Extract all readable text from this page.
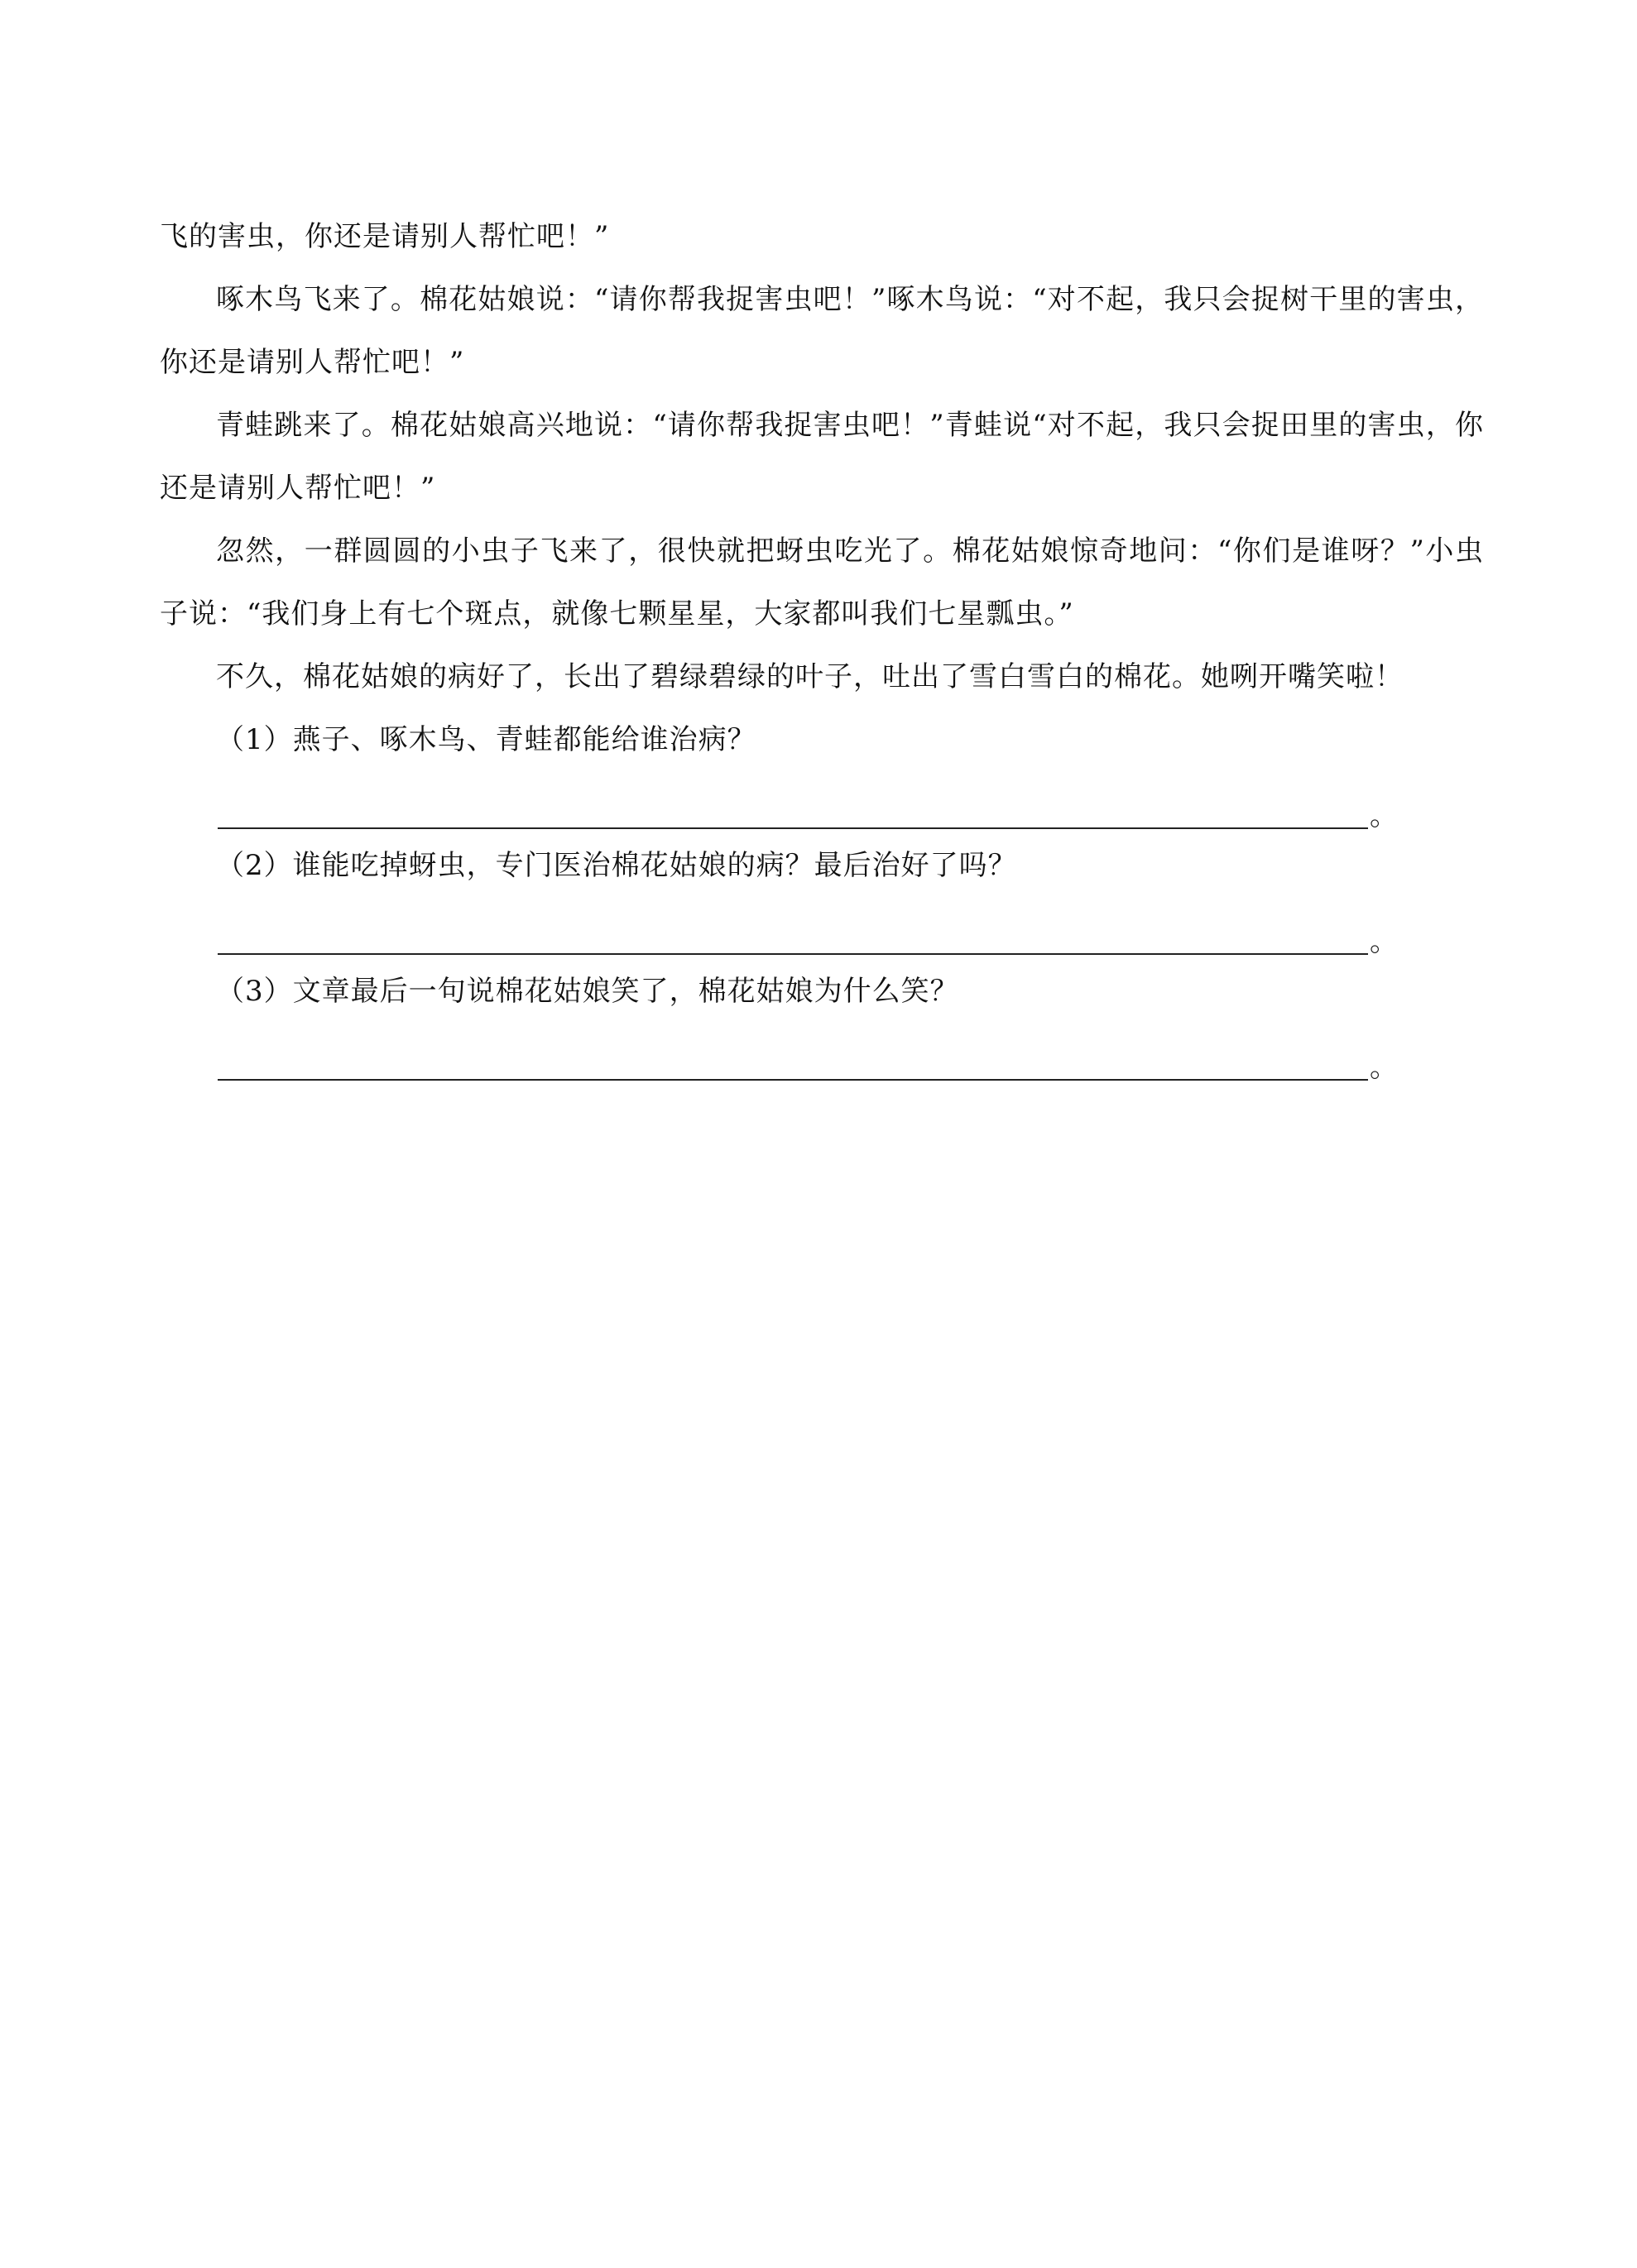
飞的害虫，你还是请别人帮忙吧！”

啄木鸟飞来了。棉花姑娘说：“请你帮我捉害虫吧！”啄木鸟说：“对不起，我只会捉树干里的害虫，你还是请别人帮忙吧！”

青蛙跳来了。棉花姑娘高兴地说：“请你帮我捉害虫吧！”青蛙说“对不起，我只会捉田里的害虫，你还是请别人帮忙吧！”

忽然，一群圆圆的小虫子飞来了，很快就把蚜虫吃光了。棉花姑娘惊奇地问：“你们是谁呀？”小虫子说：“我们身上有七个斑点，就像七颗星星，大家都叫我们七星瓢虫。”

不久，棉花姑娘的病好了，长出了碧绿碧绿的叶子，吐出了雪白雪白的棉花。她咧开嘴笑啦！

（1）燕子、啄木鸟、青蛙都能给谁治病？

。

（2）谁能吃掉蚜虫，专门医治棉花姑娘的病？最后治好了吗？

。

（3）文章最后一句说棉花姑娘笑了，棉花姑娘为什么笑？

。
